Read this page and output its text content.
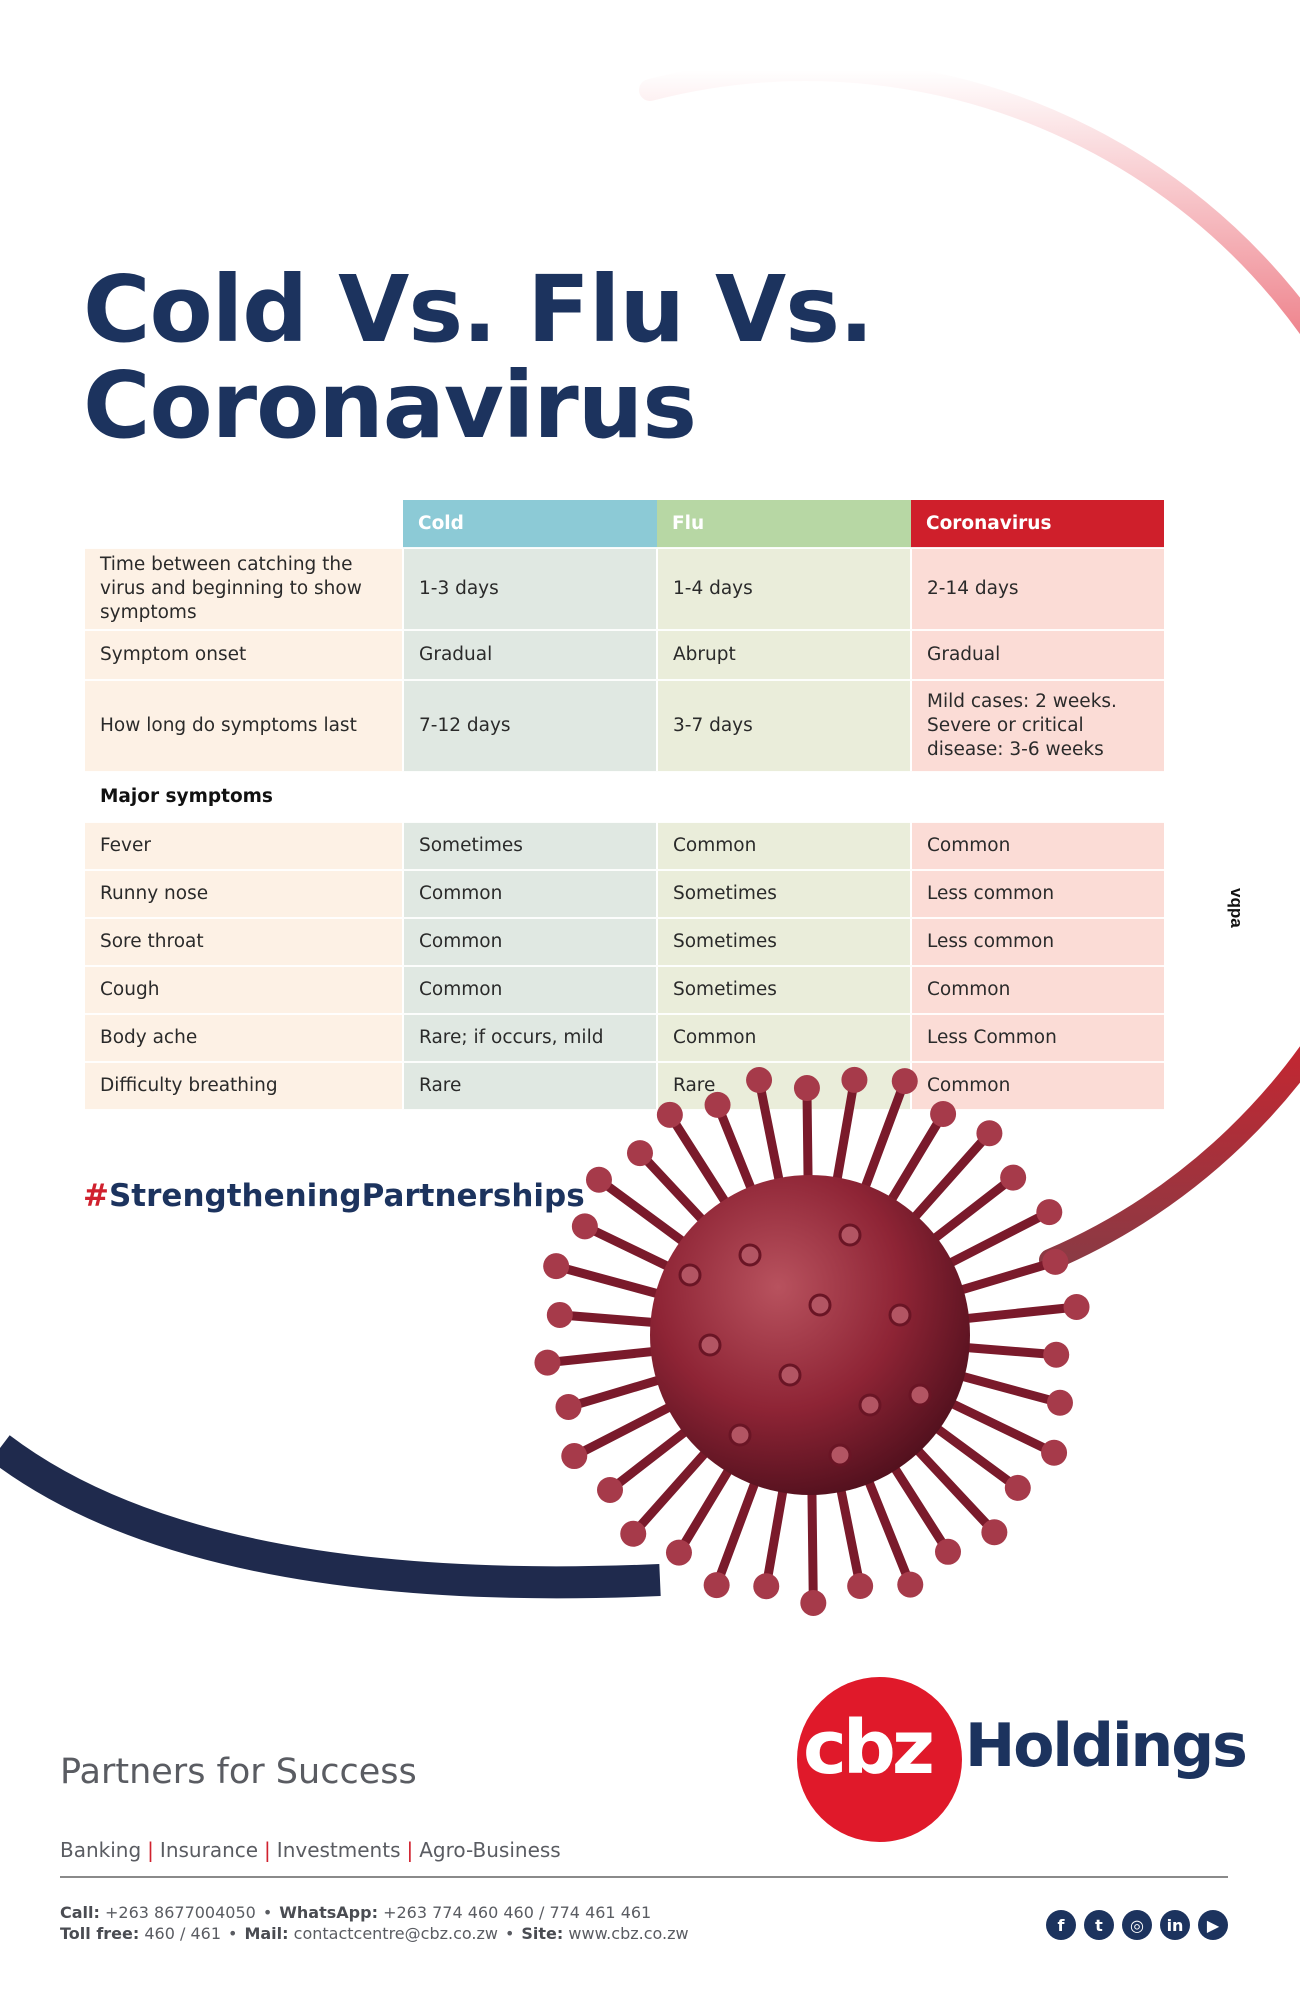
Cold Vs. Flu Vs.
Coronavirus
	Cold	Flu	Coronavirus
Time between catching the virus and beginning to show symptoms	1-3 days	1-4 days	2-14 days
Symptom onset	Gradual	Abrupt	Gradual
How long do symptoms last	7-12 days	3-7 days	Mild cases: 2 weeks. Severe or critical disease: 3-6 weeks
Major symptoms			
Fever	Sometimes	Common	Common
Runny nose	Common	Sometimes	Less common
Sore throat	Common	Sometimes	Less common
Cough	Common	Sometimes	Common
Body ache	Rare; if occurs, mild	Common	Less Common
Difficulty breathing	Rare	Rare	Common
#StrengtheningPartnerships
vqpa
Partners for Success	cbz Holdings
Banking | Insurance | Investments | Agro-Business
Call: +263 8677004050 • WhatsApp: +263 774 460 460 / 774 461 461
Toll free: 460 / 461 • Mail: contactcentre@cbz.co.zw • Site: www.cbz.co.zw	f	t	◎	in	▶
